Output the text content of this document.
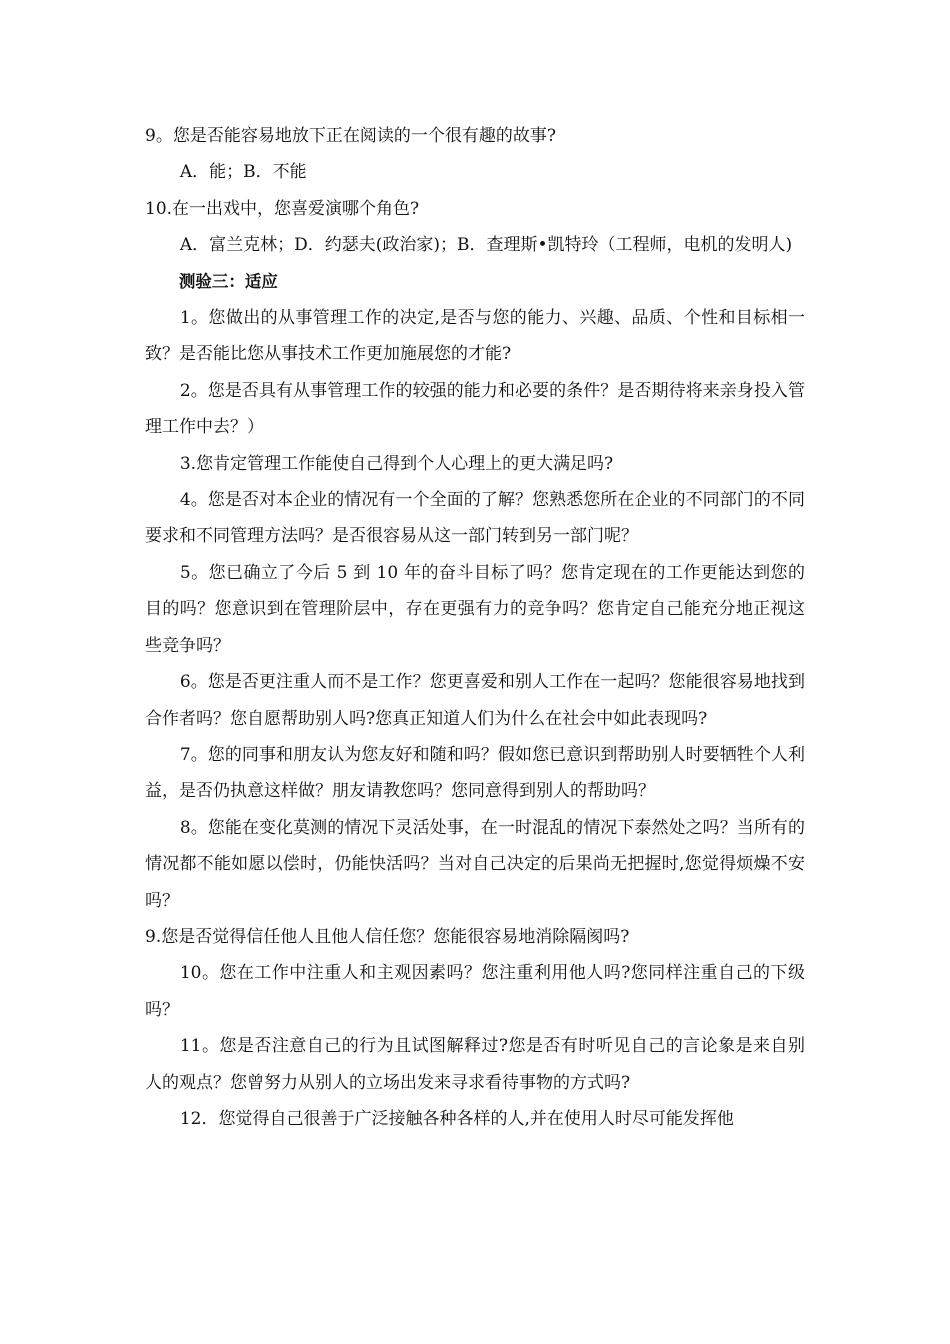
9。您是否能容易地放下正在阅读的一个很有趣的故事?

A．能；B．不能

10.在一出戏中，您喜爱演哪个角色?

A．富兰克林；D．约瑟夫(政治家)；B．查理斯•凯特玲（工程师，电机的发明人)

测验三：适应

1。您做出的从事管理工作的决定,是否与您的能力、兴趣、品质、个性和目标相一致？是否能比您从事技术工作更加施展您的才能?

2。您是否具有从事管理工作的较强的能力和必要的条件？是否期待将来亲身投入管理工作中去？）

3.您肯定管理工作能使自己得到个人心理上的更大满足吗?

4。您是否对本企业的情况有一个全面的了解？您熟悉您所在企业的不同部门的不同要求和不同管理方法吗？是否很容易从这一部门转到另一部门呢？

5。您已确立了今后 5 到 10 年的奋斗目标了吗？您肯定现在的工作更能达到您的目的吗？您意识到在管理阶层中，存在更强有力的竞争吗？您肯定自己能充分地正视这些竞争吗？

6。您是否更注重人而不是工作？您更喜爱和别人工作在一起吗？您能很容易地找到合作者吗？您自愿帮助别人吗?您真正知道人们为什么在社会中如此表现吗?

7。您的同事和朋友认为您友好和随和吗？假如您已意识到帮助别人时要牺牲个人利益，是否仍执意这样做？朋友请教您吗？您同意得到别人的帮助吗？

8。您能在变化莫测的情况下灵活处事，在一时混乱的情况下泰然处之吗？当所有的情况都不能如愿以偿时，仍能快活吗？当对自己决定的后果尚无把握时,您觉得烦燥不安吗？

9.您是否觉得信任他人且他人信任您？您能很容易地消除隔阂吗?

10。您在工作中注重人和主观因素吗？您注重利用他人吗?您同样注重自己的下级吗？

11。您是否注意自己的行为且试图解释过?您是否有时听见自己的言论象是来自别人的观点？您曾努力从别人的立场出发来寻求看待事物的方式吗?

12．您觉得自己很善于广泛接触各种各样的人,并在使用人时尽可能发挥他
